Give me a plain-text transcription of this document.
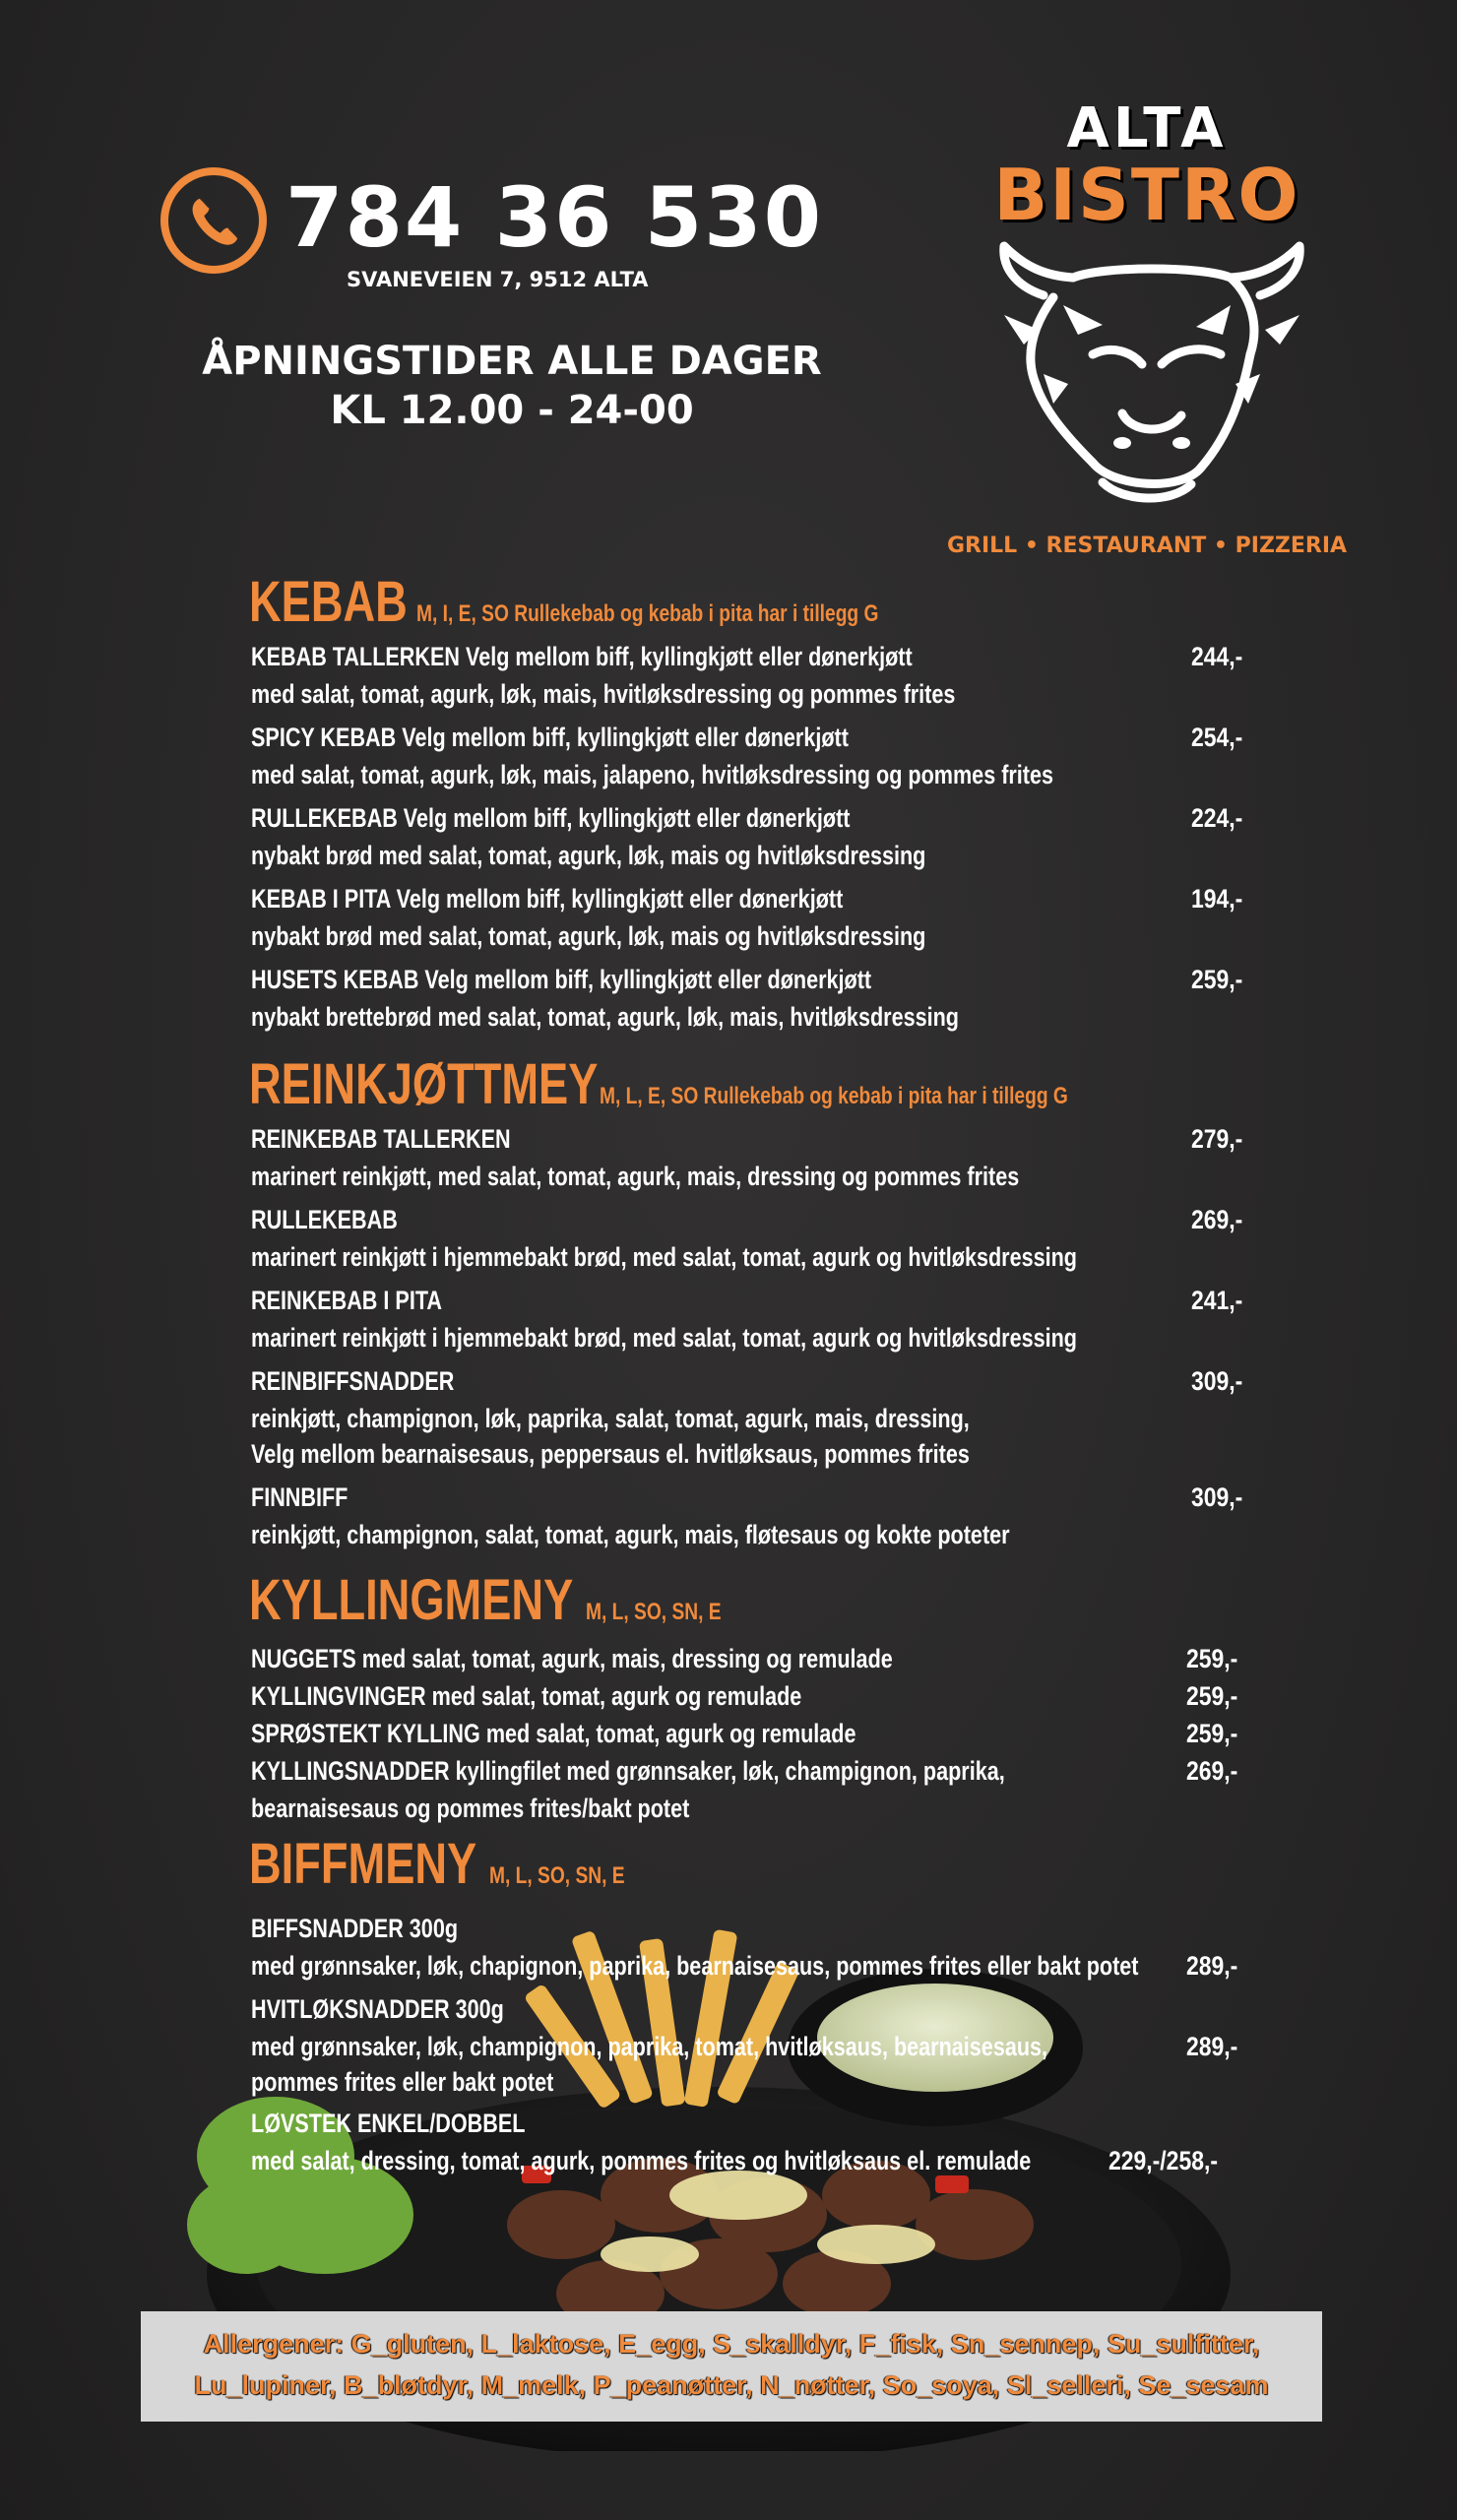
784 36 530
SVANEVEIEN 7, 9512 ALTA
ÅPNINGSTIDER ALLE DAGER
KL 12.00 - 24-00
ALTA
BISTRO
GRILL • RESTAURANT • PIZZERIA
KEBAB M, I, E, SO Rullekebab og kebab i pita har i tillegg G
KEBAB TALLERKEN Velg mellom biff, kyllingkjøtt eller dønerkjøtt
med salat, tomat, agurk, løk, mais, hvitløksdressing og pommes frites
SPICY KEBAB Velg mellom biff, kyllingkjøtt eller dønerkjøtt
med salat, tomat, agurk, løk, mais, jalapeno, hvitløksdressing og pommes frites
RULLEKEBAB Velg mellom biff, kyllingkjøtt eller dønerkjøtt
nybakt brød med salat, tomat, agurk, løk, mais og hvitløksdressing
KEBAB I PITA Velg mellom biff, kyllingkjøtt eller dønerkjøtt
nybakt brød med salat, tomat, agurk, løk, mais og hvitløksdressing
HUSETS KEBAB Velg mellom biff, kyllingkjøtt eller dønerkjøtt
nybakt brettebrød med salat, tomat, agurk, løk, mais, hvitløksdressing
244,-
254,-
224,-
194,-
259,-
REINKJØTTMEYM, L, E, SO Rullekebab og kebab i pita har i tillegg G
REINKEBAB TALLERKEN
marinert reinkjøtt, med salat, tomat, agurk, mais, dressing og pommes frites
RULLEKEBAB
marinert reinkjøtt i hjemmebakt brød, med salat, tomat, agurk og hvitløksdressing
REINKEBAB I PITA
marinert reinkjøtt i hjemmebakt brød, med salat, tomat, agurk og hvitløksdressing
REINBIFFSNADDER
reinkjøtt, champignon, løk, paprika, salat, tomat, agurk, mais, dressing,
Velg mellom bearnaisesaus, peppersaus el. hvitløksaus, pommes frites
FINNBIFF
reinkjøtt, champignon, salat, tomat, agurk, mais, fløtesaus og kokte poteter
279,-
269,-
241,-
309,-
309,-
KYLLINGMENY M, L, SO, SN, E
NUGGETS med salat, tomat, agurk, mais, dressing og remulade
KYLLINGVINGER med salat, tomat, agurk og remulade
SPRØSTEKT KYLLING med salat, tomat, agurk og remulade
KYLLINGSNADDER kyllingfilet med grønnsaker, løk, champignon, paprika,
bearnaisesaus og pommes frites/bakt potet
259,-
259,-
259,-
269,-
BIFFMENY M, L, SO, SN, E
BIFFSNADDER 300g
med grønnsaker, løk, chapignon, paprika, bearnaisesaus, pommes frites eller bakt potet
HVITLØKSNADDER 300g
med grønnsaker, løk, champignon, paprika, tomat, hvitløksaus, bearnaisesaus,
pommes frites eller bakt potet
LØVSTEK ENKEL/DOBBEL
med salat, dressing, tomat, agurk, pommes frites og hvitløksaus el. remulade
289,-
289,-
229,-/258,-
Allergener: G_gluten, L_laktose, E_egg, S_skalldyr, F_fisk, Sn_sennep, Su_sulfitter,
Lu_lupiner, B_bløtdyr, M_melk, P_peanøtter, N_nøtter, So_soya, Sl_selleri, Se_sesam
